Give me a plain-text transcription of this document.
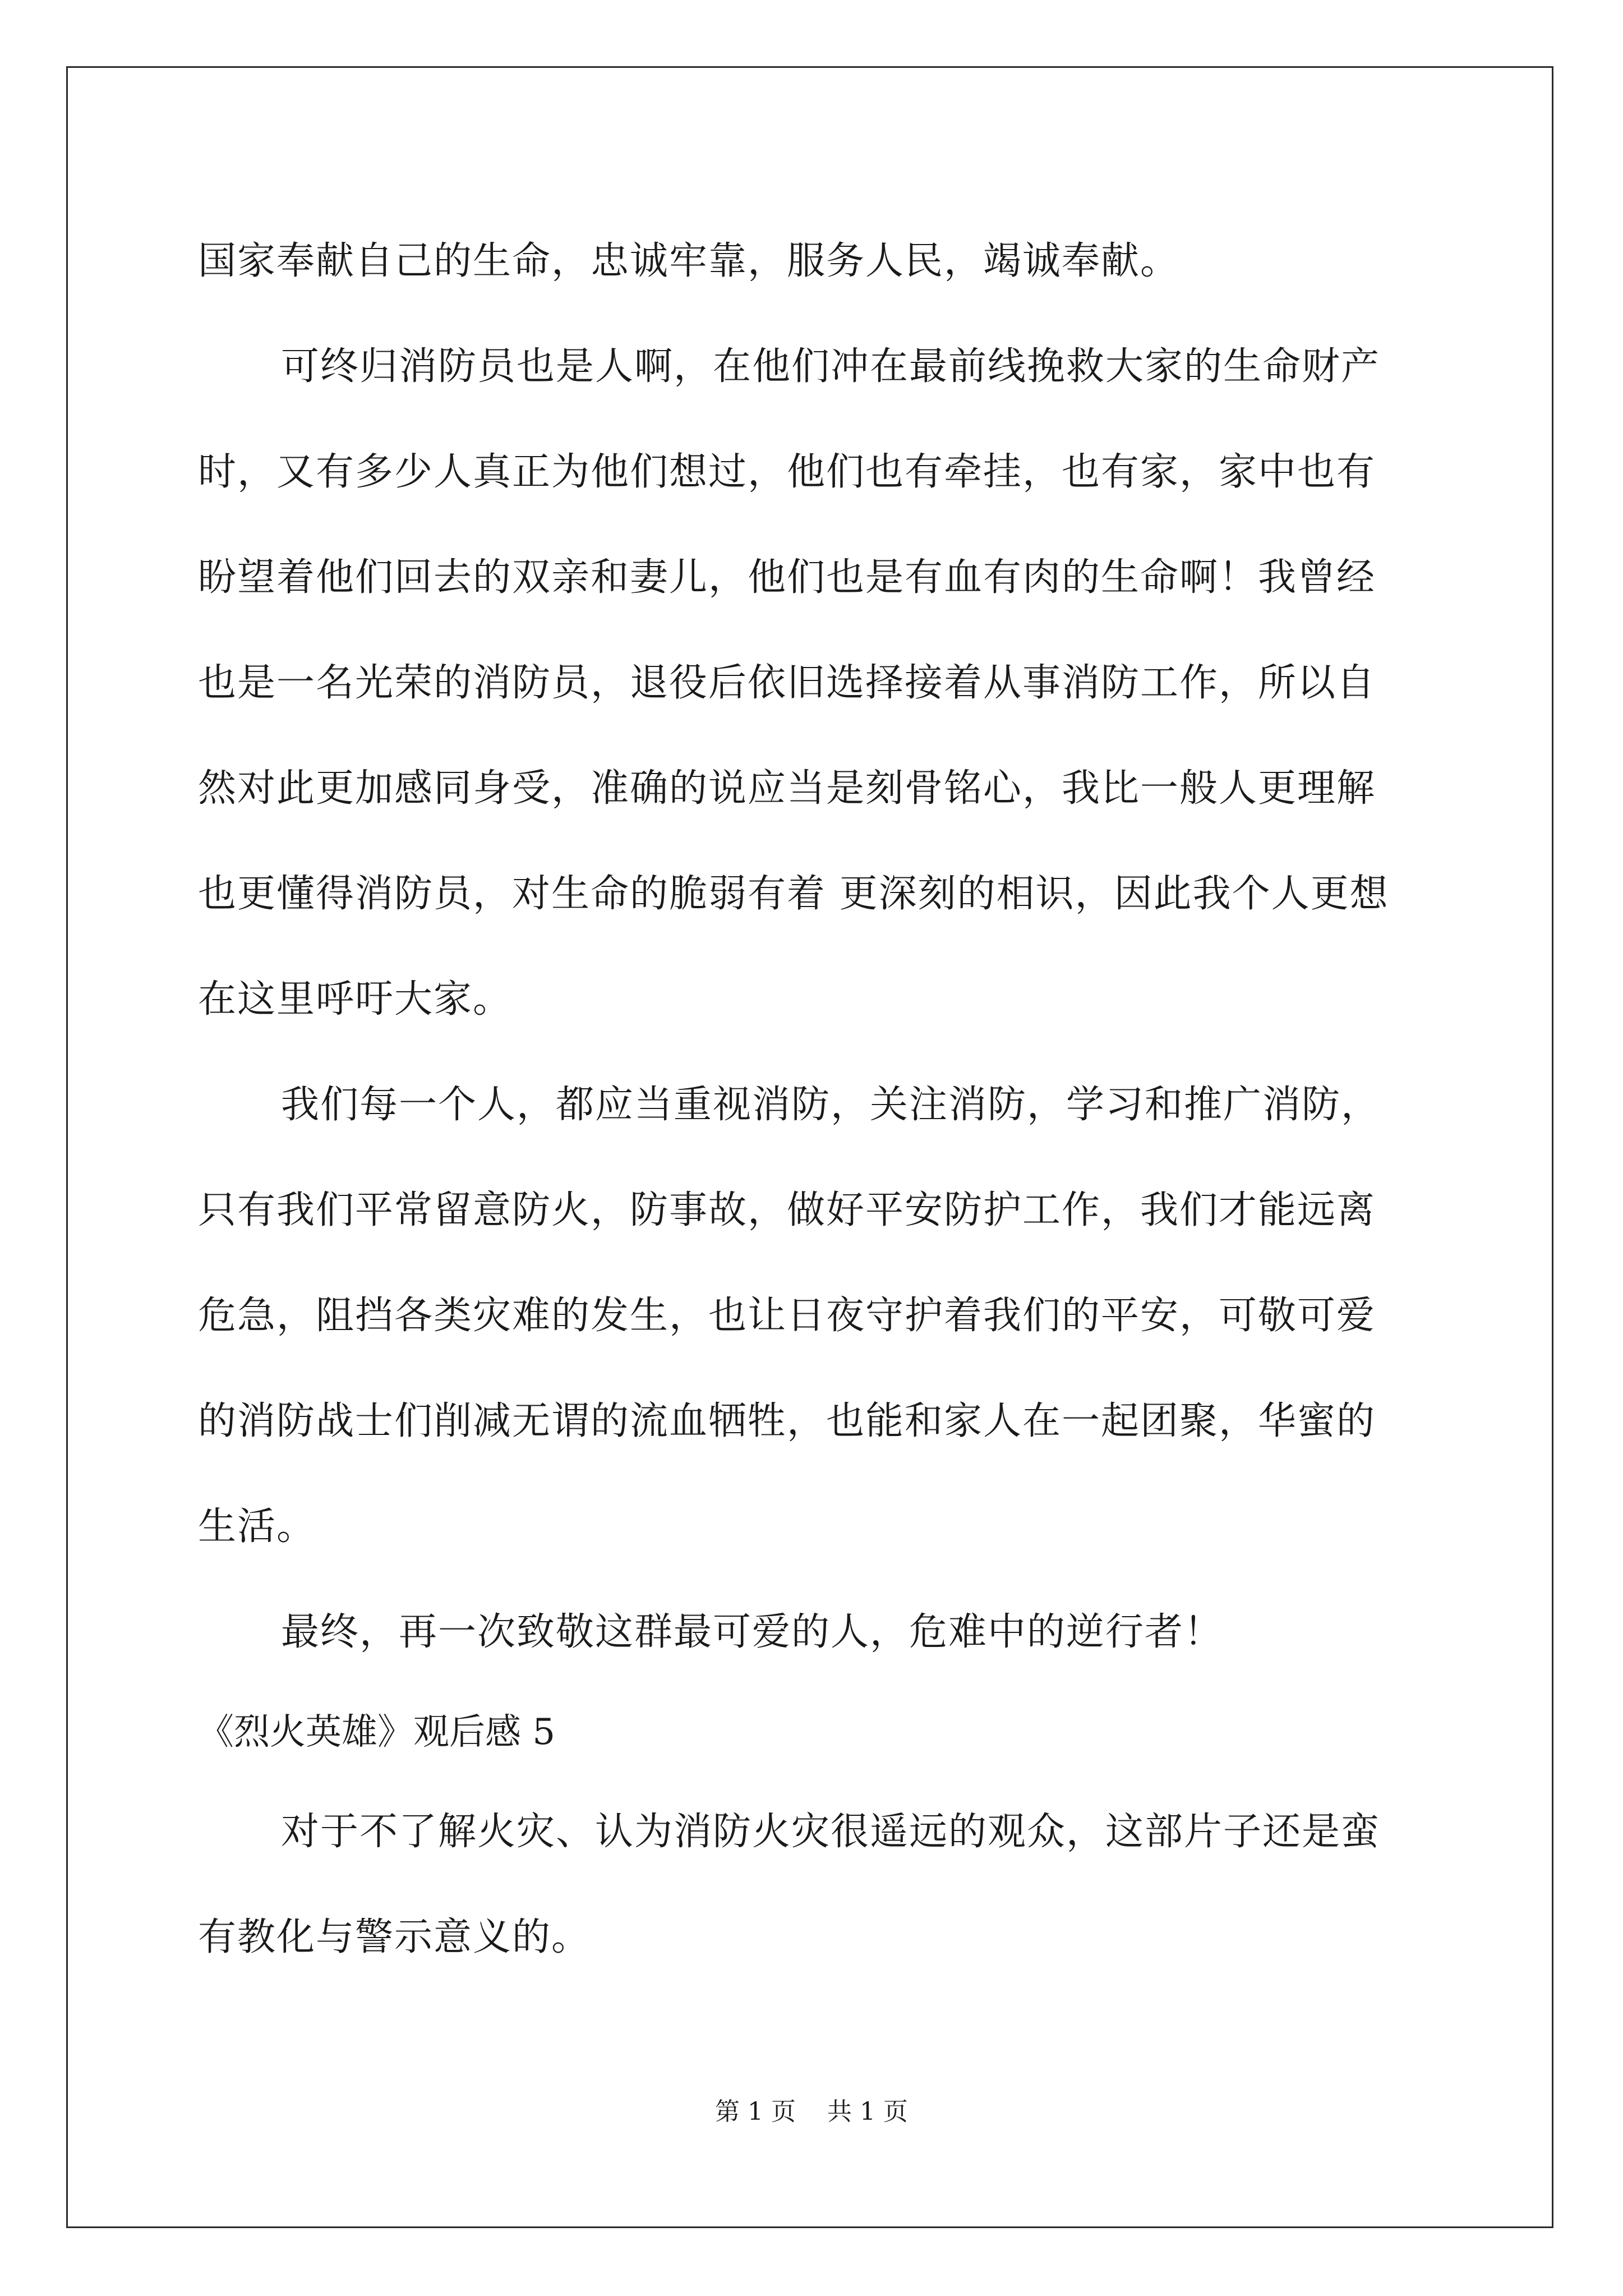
国家奉献自己的生命，忠诚牢靠，服务人民，竭诚奉献。
可终归消防员也是人啊，在他们冲在最前线挽救大家的生命财产
时，又有多少人真正为他们想过，他们也有牵挂，也有家，家中也有
盼望着他们回去的双亲和妻儿，他们也是有血有肉的生命啊！我曾经
也是一名光荣的消防员，退役后依旧选择接着从事消防工作，所以自
然对此更加感同身受，准确的说应当是刻骨铭心，我比一般人更理解
也更懂得消防员，对生命的脆弱有着 更深刻的相识，因此我个人更想
在这里呼吁大家。
我们每一个人，都应当重视消防，关注消防，学习和推广消防，
只有我们平常留意防火，防事故，做好平安防护工作，我们才能远离
危急，阻挡各类灾难的发生，也让日夜守护着我们的平安，可敬可爱
的消防战士们削减无谓的流血牺牲，也能和家人在一起团聚，华蜜的
生活。
最终，再一次致敬这群最可爱的人，危难中的逆行者！
《烈火英雄》观后感 5
对于不了解火灾、认为消防火灾很遥远的观众，这部片子还是蛮
有教化与警示意义的。
第 1 页    共 1 页
